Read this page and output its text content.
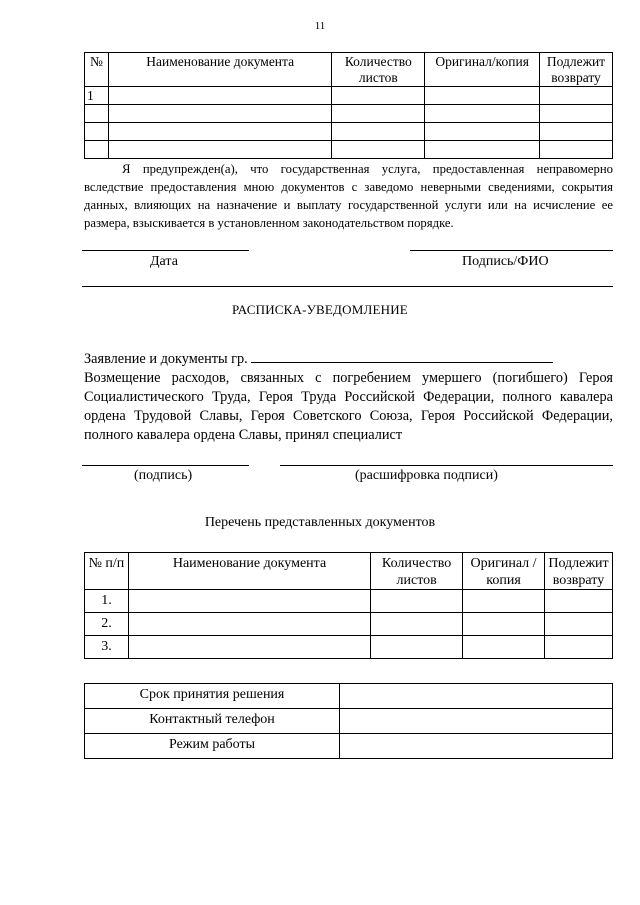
11
№	Наименование документа	Количество листов	Оригинал/копия	Подлежит возврату
1				

Я предупрежден(а), что государственная услуга, предоставленная неправомерно вследствие предоставления мною документов с заведомо неверными сведениями, сокрытия данных, влияющих на назначение и выплату государственной услуги или на исчисление ее размера, взыскивается в установленном законодательством порядке.
Дата	Подпись/ФИО
РАСПИСКА-УВЕДОМЛЕНИЕ

Заявление и документы гр.

Возмещение расходов, связанных с погребением умершего (погибшего) Героя Социалистического Труда, Героя Труда Российской Федерации, полного кавалера ордена Трудовой Славы, Героя Советского Союза, Героя Российской Федерации, полного кавалера ордена Славы, принял специалист

(подпись)	(расшифровка подписи)
Перечень представленных документов
№ п/п	Наименование документа	Количество листов	Оригинал /копия	Подлежит возврату
1.				
2.				
3.				
Срок принятия решения	
Контактный телефон	
Режим работы	
